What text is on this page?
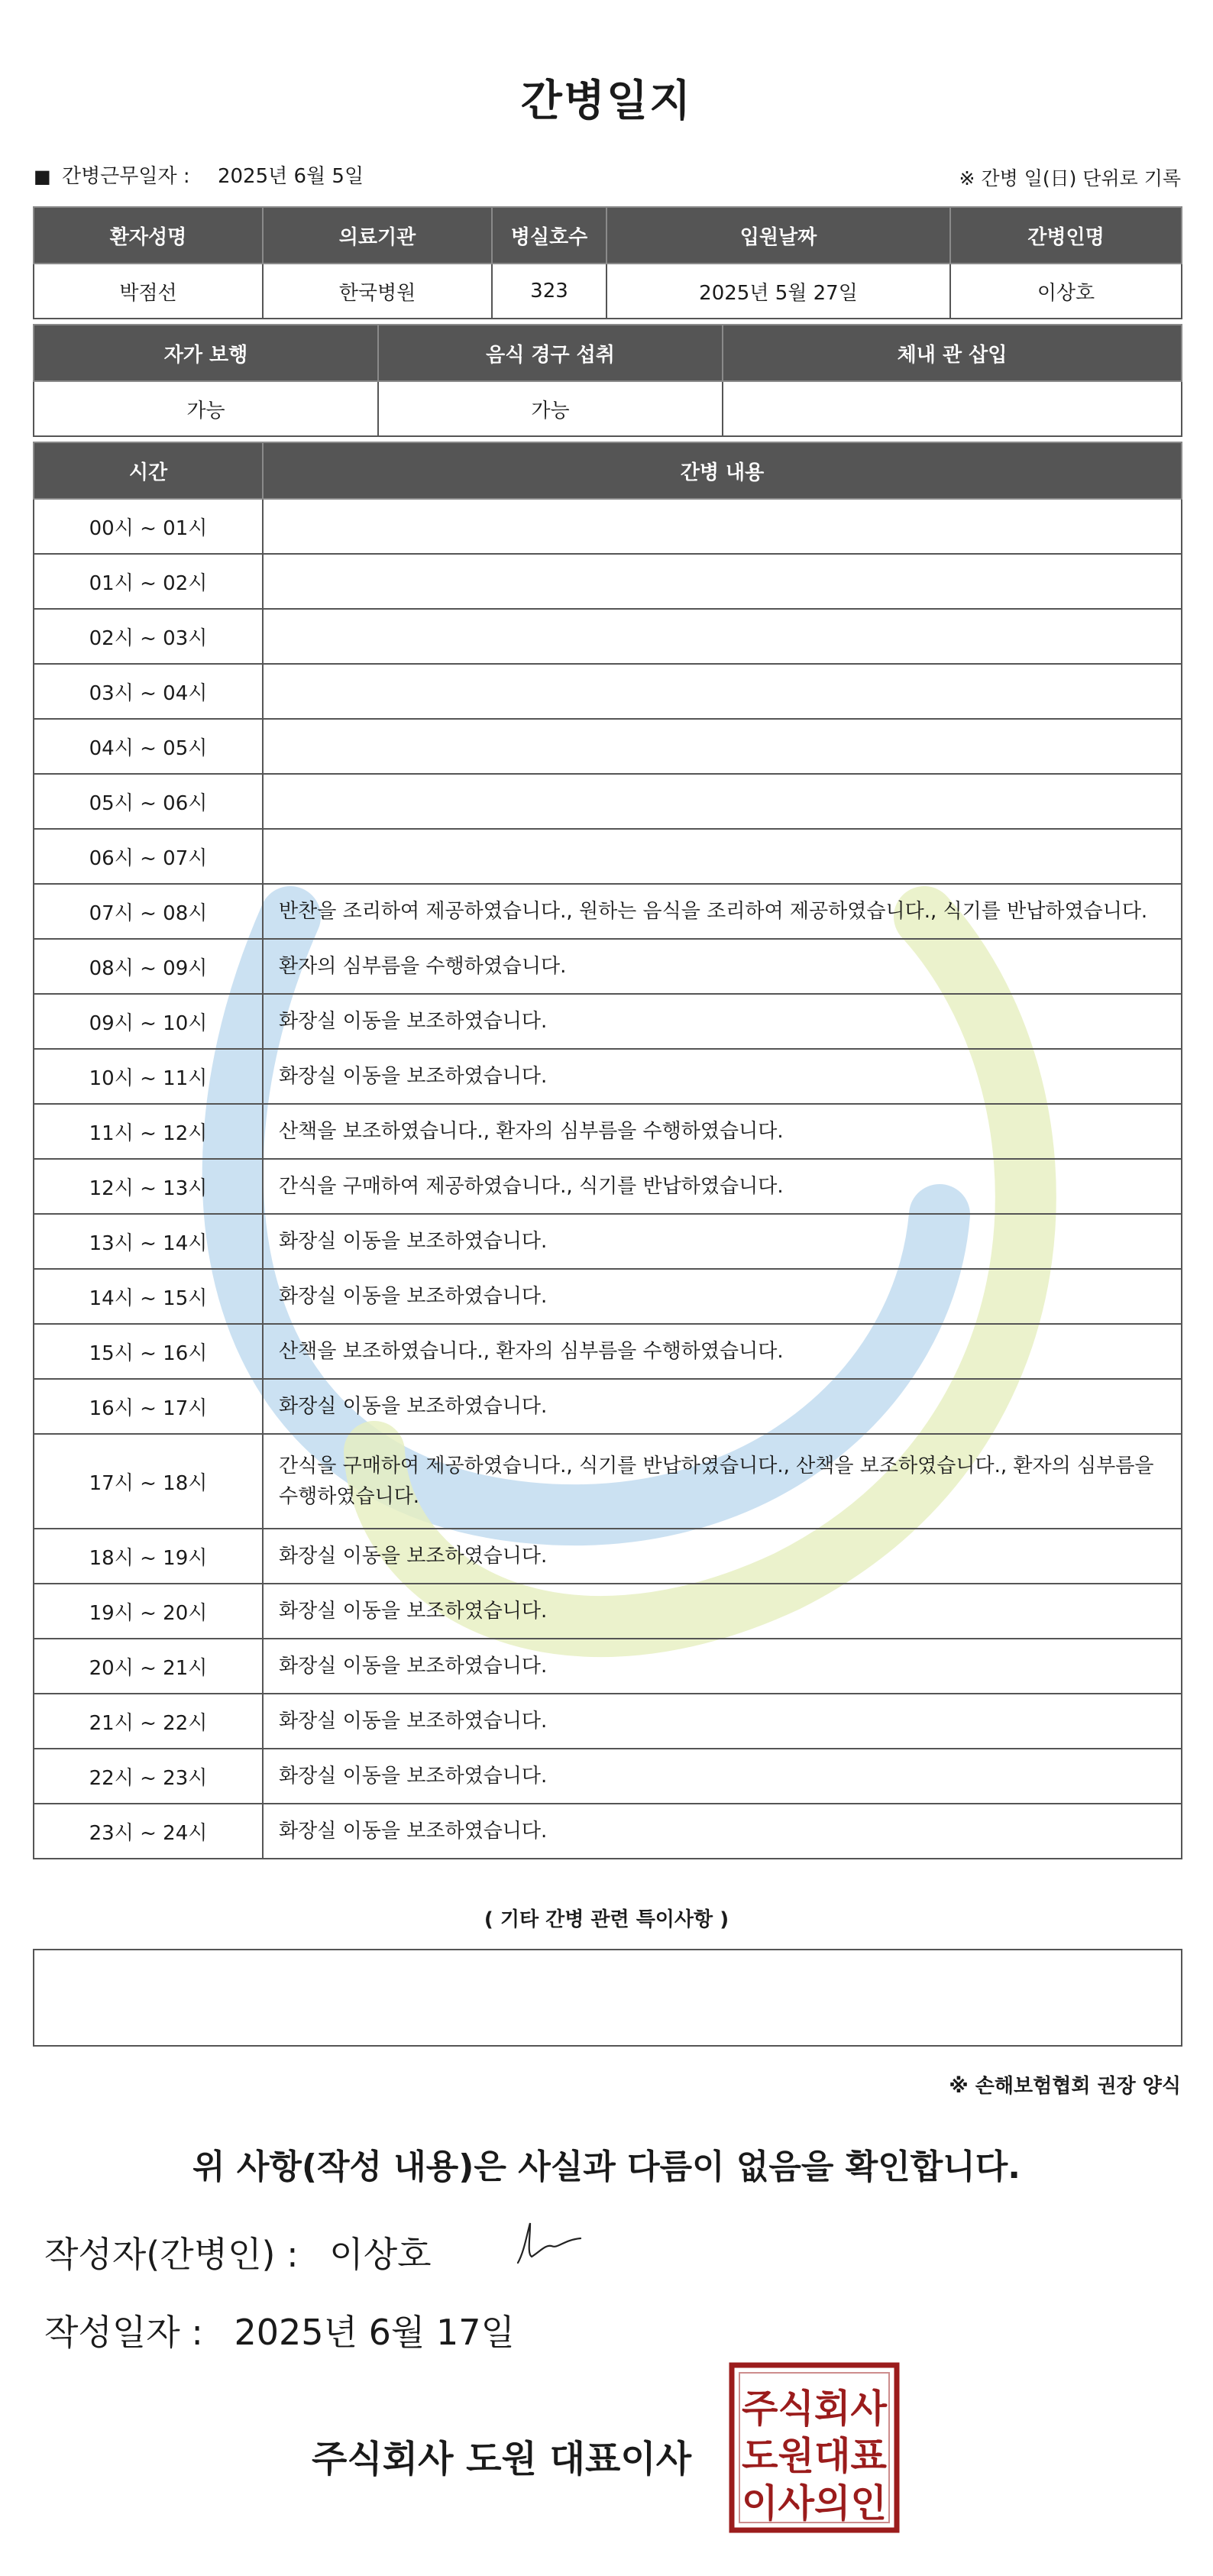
간병일지
■ 간병근무일자 : 2025년 6월 5일	※ 간병 일(日) 단위로 기록
환자성명	의료기관	병실호수	입원날짜	간병인명
박점선	한국병원	323	2025년 5월 27일	이상호
자가 보행	음식 경구 섭취	체내 관 삽입
가능	가능	
시간	간병 내용
00시 ~ 01시	
01시 ~ 02시	
02시 ~ 03시	
03시 ~ 04시	
04시 ~ 05시	
05시 ~ 06시	
06시 ~ 07시	
07시 ~ 08시	반찬을 조리하여 제공하였습니다., 원하는 음식을 조리하여 제공하였습니다., 식기를 반납하였습니다.
08시 ~ 09시	환자의 심부름을 수행하였습니다.
09시 ~ 10시	화장실 이동을 보조하였습니다.
10시 ~ 11시	화장실 이동을 보조하였습니다.
11시 ~ 12시	산책을 보조하였습니다., 환자의 심부름을 수행하였습니다.
12시 ~ 13시	간식을 구매하여 제공하였습니다., 식기를 반납하였습니다.
13시 ~ 14시	화장실 이동을 보조하였습니다.
14시 ~ 15시	화장실 이동을 보조하였습니다.
15시 ~ 16시	산책을 보조하였습니다., 환자의 심부름을 수행하였습니다.
16시 ~ 17시	화장실 이동을 보조하였습니다.
17시 ~ 18시	간식을 구매하여 제공하였습니다., 식기를 반납하였습니다., 산책을 보조하였습니다., 환자의 심부름을 수행하였습니다.
18시 ~ 19시	화장실 이동을 보조하였습니다.
19시 ~ 20시	화장실 이동을 보조하였습니다.
20시 ~ 21시	화장실 이동을 보조하였습니다.
21시 ~ 22시	화장실 이동을 보조하였습니다.
22시 ~ 23시	화장실 이동을 보조하였습니다.
23시 ~ 24시	화장실 이동을 보조하였습니다.
( 기타 간병 관련 특이사항 )
※ 손해보험협회 권장 양식
위 사항(작성 내용)은 사실과 다름이 없음을 확인합니다.
작성자(간병인) : 이상호
작성일자 : 2025년 6월 17일
주식회사 도원 대표이사
주식회사
도원대표
이사의인
